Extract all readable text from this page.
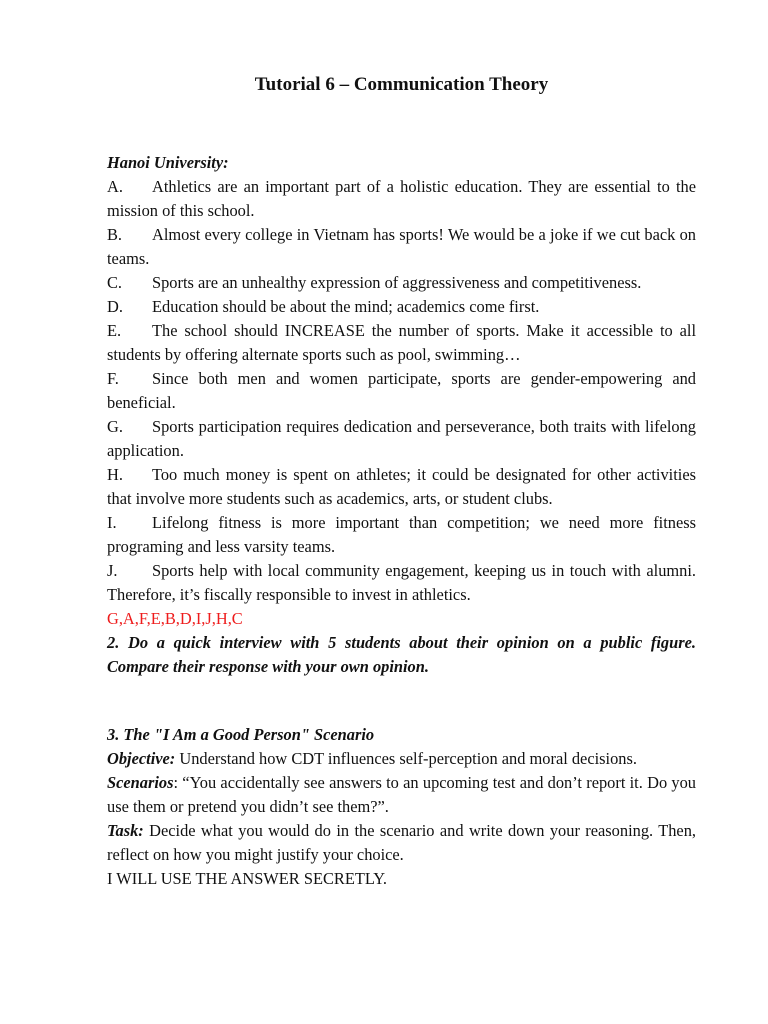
Tutorial 6 – Communication Theory

Hanoi University:

A. Athletics are an important part of a holistic education. They are essential to the mission of this school.

B. Almost every college in Vietnam has sports! We would be a joke if we cut back on teams.

C. Sports are an unhealthy expression of aggressiveness and competitiveness.

D. Education should be about the mind; academics come first.

E. The school should INCREASE the number of sports. Make it accessible to all students by offering alternate sports such as pool, swimming…

F. Since both men and women participate, sports are gender-empowering and beneficial.

G. Sports participation requires dedication and perseverance, both traits with lifelong application.

H. Too much money is spent on athletes; it could be designated for other activities that involve more students such as academics, arts, or student clubs.

I. Lifelong fitness is more important than competition; we need more fitness programing and less varsity teams.

J. Sports help with local community engagement, keeping us in touch with alumni. Therefore, it’s fiscally responsible to invest in athletics.

G,A,F,E,B,D,I,J,H,C

2. Do a quick interview with 5 students about their opinion on a public figure. Compare their response with your own opinion.

3. The "I Am a Good Person" Scenario

Objective: Understand how CDT influences self-perception and moral decisions.

Scenarios: “You accidentally see answers to an upcoming test and don’t report it. Do you use them or pretend you didn’t see them?”.

Task: Decide what you would do in the scenario and write down your reasoning. Then, reflect on how you might justify your choice.

I WILL USE THE ANSWER SECRETLY.
